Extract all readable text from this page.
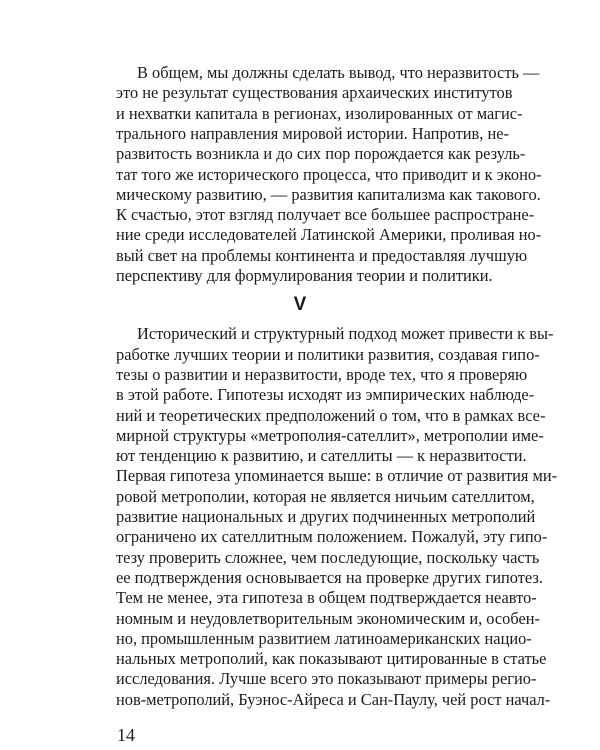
В общем, мы должны сделать вывод, что неразвитость —
это не результат существования архаических институтов
и нехватки капитала в регионах, изолированных от магис-
трального направления мировой истории. Напротив, не-
развитость возникла и до сих пор порождается как резуль-
тат того же исторического процесса, что приводит и к эконо-
мическому развитию, — развития капитализма как такового.
К счастью, этот взгляд получает все большее распростране-
ние среди исследователей Латинской Америки, проливая но-
вый свет на проблемы континента и предоставляя лучшую
перспективу для формулирования теории и политики.
V
Исторический и структурный подход может привести к вы-
работке лучших теории и политики развития, создавая гипо-
тезы о развитии и неразвитости, вроде тех, что я проверяю
в этой работе. Гипотезы исходят из эмпирических наблюде-
ний и теоретических предположений о том, что в рамках все-
мирной структуры «метрополия-сателлит», метрополии име-
ют тенденцию к развитию, и сателлиты — к неразвитости.
Первая гипотеза упоминается выше: в отличие от развития ми-
ровой метрополии, которая не является ничьим сателлитом,
развитие национальных и других подчиненных метрополий
ограничено их сателлитным положением. Пожалуй, эту гипо-
тезу проверить сложнее, чем последующие, поскольку часть
ее подтверждения основывается на проверке других гипотез.
Тем не менее, эта гипотеза в общем подтверждается неавто-
номным и неудовлетворительным экономическим и, особен-
но, промышленным развитием латиноамериканских нацио-
нальных метрополий, как показывают цитированные в статье
исследования. Лучше всего это показывают примеры регио-
нов-метрополий, Буэнос-Айреса и Сан-Паулу, чей рост начал-
14
